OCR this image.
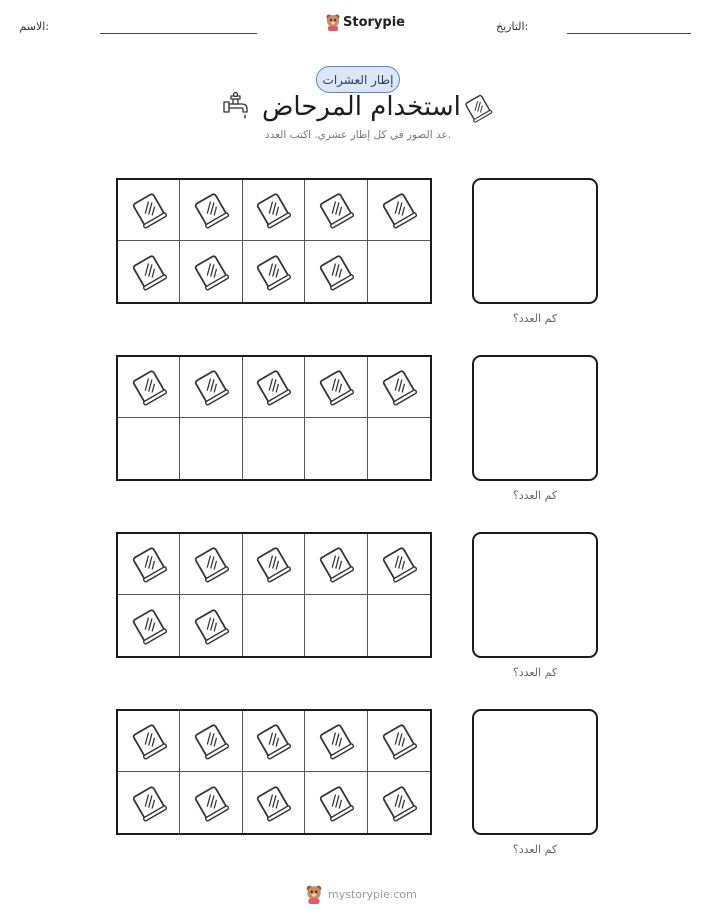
الاسم:	Storypie	التاريخ:
إطار العشرات
استخدام المرحاض
عد الصور في كل إطار عشري. اكتب العدد.
كم العدد؟
كم العدد؟
كم العدد؟
كم العدد؟
mystorypie.com
